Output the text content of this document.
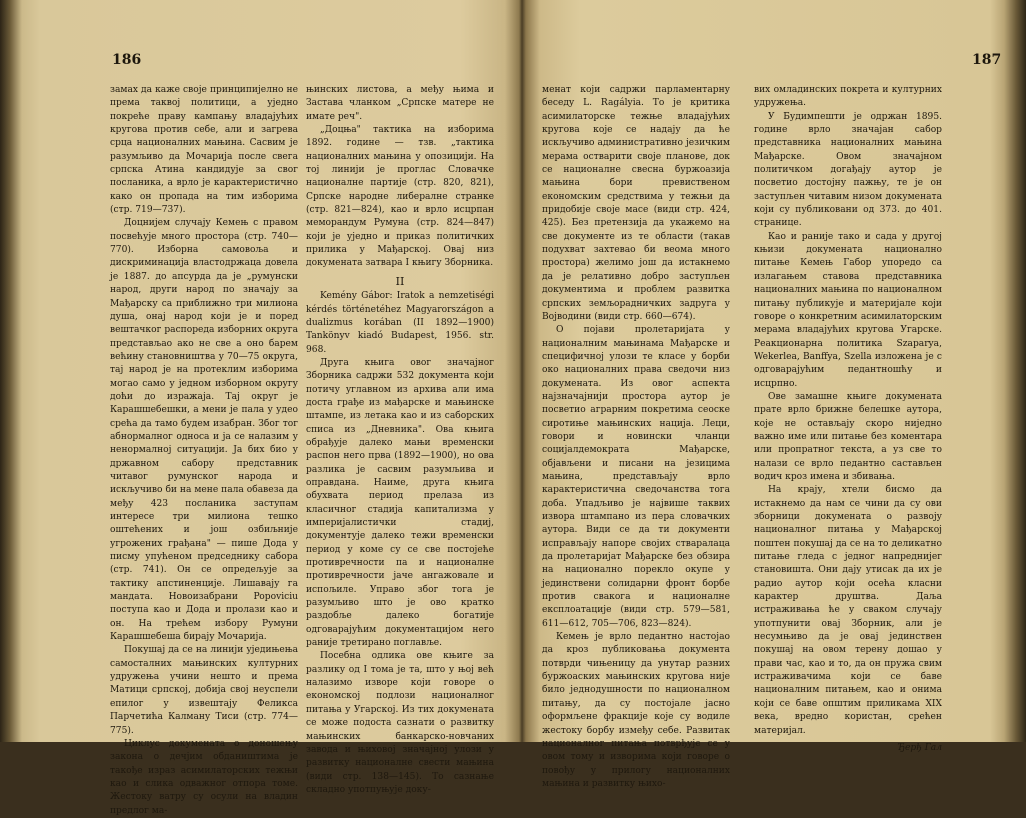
186

замах да каже своје принципијелно не према таквој политици, а уједно покреће праву кампању владајућих кругова против себе, али и загрева срца националних мањина. Сасвим је разумљиво да Мочарија после свега српска Атина кандидује за свог посланика, а врло је карактеристично како он пропада на тим изборима (стр. 719—737).

Доцнијем случају Кемењ с правом посвећује много простора (стр. 740—770). Изборна самовоља и дискриминација властодржаца довела је 1887. до апсурда да је „румунски народ, други народ по значају за Мађарску са приближно три милиона душа, онај народ који је и поред вештачког распореда изборних округа представљао ако не све а оно барем већину становништва у 70—75 округа, тај народ је на протеклим изборима могао само у једном изборном округу доћи до изражаја. Тај округ је Карашшебешки, а мени је пала у удео срећа да тамо будем изабран. Због тог абнормалног односа и ја се налазим у ненормалној ситуацији. Ја бих био у државном сабору представник читавог румунског народа и искључиво би на мене пала обавеза да међу 423 посланика заступам интересе три милиона тешко оштећених и још озбиљније угрожених грађана" — пише Дода у писму упућеном председнику сабора (стр. 741). Он се опредељује за тактику апстиненције. Лишавају га мандата. Новоизабрани Popoviciu поступа као и Дода и пролази као и он. На трећем избору Румуни Карашшебеша бирају Мочарија.

Покушај да се на линији уједињења самосталних мањинских културних удружења учини нешто и према Матици српској, добија свој неуспели епилог у извештају Феликса Парчетића Калману Тиси (стр. 774—775).

Циклус докумената о доношењу закона о дечјим обдаништима је такође израз асимилаторских тежњи као и слика одважног отпора томе. Жестоку ватру су осули на владин предлог ма-

њинских листова, а међу њима и Застава чланком „Српске матере не имате реч".

„Доцња" тактика на изборима 1892. године — тзв. „тактика националних мањина у опозицији. На тој линији је проглас Словачке националне партије (стр. 820, 821), Српске народне либералне странке (стр. 821—824), као и врло исцрпан меморандум Румуна (стр. 824—847) који је уједно и приказ политичких прилика у Мађарској. Овај низ докумената затвара I књигу Зборника.

II

Kemény Gábor: Iratok a nemzetiségi kérdés történetéhez Magyarországon a dualizmus korában (II 1892—1900) Tankönyv kiadó Budapest, 1956. str. 968.

Друга књига овог значајног Зборника садржи 532 документа који потичу углавном из архива али има доста грађе из мађарске и мањинске штампе, из летака као и из саборских списа из „Дневника". Ова књига обрађује далеко мањи временски распон него прва (1892—1900), но ова разлика је сасвим разумљива и оправдана. Наиме, друга књига обухвата период прелаза из класичног стадија капитализма у империјалистички стадиј, документује далеко тежи временски период у коме су се све постојеће противречности па и националне противречности јаче ангажовале и испољиле. Управо због тога је разумљиво што је ово кратко раздобље далеко богатије одговарајућим документацијом него раније третирано поглавље.

Посебна одлика ове књиге за разлику од I тома је та, што у њој већ налазимо изворе који говоре о економској подлози националног питања у Угарској. Из тих докумената се може подоста сазнати о развитку мањинских банкарско-новчаних завода и њиховој значајној улози у развитку националне свести мањина (види стр. 138—145). То сазнање складно употпуњује доку-

187

менат који садржи парламентарну беседу L. Ragályia. То је критика асимилаторске тежње владајућих кругова које се надају да ће искључиво административно језичким мерама остварити своје планове, док се националне свесна буржоазија мањина бори превиственом економским средствима у тежњи да придобије своје масе (види стр. 424, 425). Без претензија да укажемо на све документе из те области (такав подухват захтевао би веома много простора) желимо још да истакнемо да је релативно добро заступљен документима и проблем развитка српских земљорадничких задруга у Војводини (види стр. 660—674).

О појави пролетаријата у националним мањинама Мађарске и специфичној улози те класе у борби око националних права сведочи низ докумената. Из овог аспекта најзначајнији простора аутор је посветио аграрним покретима сеоске сиротиње мањинских нација. Леци, говори и новински чланци социјалдемократа Мађарске, објављени и писани на језицима мањина, представљају врло карактеристична сведочанства тога доба. Упадљиво је највише таквих извора штампано из пера словачких аутора. Види се да ти документи исправљају напоре својих стваралаца да пролетаријат Мађарске без обзира на национално порекло окупе у јединствени солидарни фронт борбе против свакога и националне експлоатације (види стр. 579—581, 611—612, 705—706, 823—824).

Кемењ је врло педантно настојао да кроз публиковања документа потврди чињеницу да унутар разних буржоаских мањинских кругова није било једнодушности по националном питању, да су постојале јасно оформљене фракције које су водиле жестоку борбу између себе. Развитак националног питања потврђује се у овом тому и изворима који говоре о повођу у прилогу националних мањина и развитку њихо-

вих омладинских покрета и културних удружења.

У Будимпешти је одржан 1895. године врло значајан сабор представника националних мањина Мађарске. Овом значајном политичком догађају аутор је посветио достојну пажњу, те је он заступљен читавим низом докумената који су публиковани од 373. до 401. странице.

Као и раније тако и сада у другој књизи докумената национално питање Кемењ Габор упоредо са излагањем ставова представника националних мањина по националном питању публикује и материјале који говоре о конкретним асимилаторским мерама владајућих кругова Угарске. Реакционарна политика Szaparya, Wekerlea, Banffya, Szella изложена је с одговарајућим педантношћу и исцрпно.

Ове замашне књиге докумената прате врло брижне белешке аутора, које не остављају скоро ниједно важно име или питање без коментара или пропратног текста, а уз све то налази се врло педантно састављен водич кроз имена и збивања.

На крају, хтели бисмо да истакнемо да нам се чини да су ови зборници докумената о развоју националног питања у Мађарској поштен покушај да се на то деликатно питање гледа с једног напреднијег становишта. Они дају утисак да их је радио аутор који осећа класни карактер друштва. Даља истраживања ће у сваком случају употпунити овај Зборник, али је несумњиво да је овај јединствен покушај на овом терену дошао у прави час, као и то, да он пружа свим истраживачима који се баве националним питањем, као и онима који се баве општим приликама XIX века, вредно користан, срећен материјал.

Ђерђ Гал
